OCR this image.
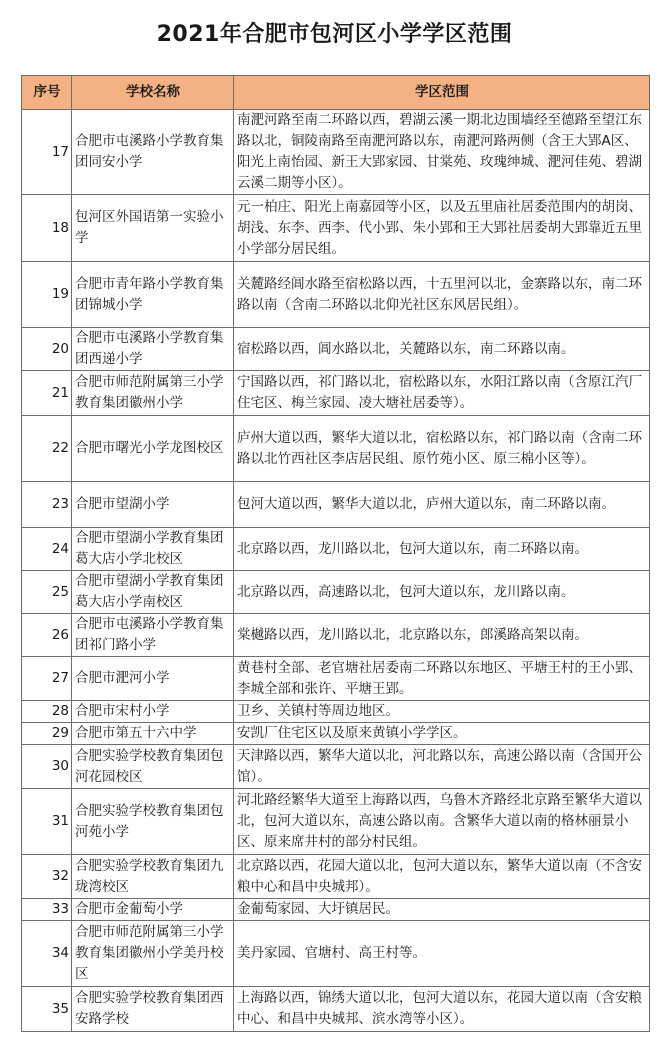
2021年合肥市包河区小学学区范围
序号	学校名称	学区范围
17	合肥市屯溪路小学教育集团同安小学	南淝河路至南二环路以西，碧湖云溪一期北边围墙经至德路至望江东路以北，铜陵南路至南淝河路以东，南淝河路两侧（含王大郢A区、阳光上南怡园、新王大郢家园、甘棠苑、玫瑰绅城、淝河佳苑、碧湖云溪二期等小区）。
18	包河区外国语第一实验小学	元一柏庄、阳光上南嘉园等小区，以及五里庙社居委范围内的胡岗、胡浅、东李、西李、代小郢、朱小郢和王大郢社居委胡大郢靠近五里小学部分居民组。
19	合肥市青年路小学教育集团锦城小学	关麓路经阊水路至宿松路以西，十五里河以北，金寨路以东，南二环路以南（含南二环路以北仰光社区东风居民组）。
20	合肥市屯溪路小学教育集团西递小学	宿松路以西，阊水路以北，关麓路以东，南二环路以南。
21	合肥市师范附属第三小学教育集团徽州小学	宁国路以西，祁门路以北，宿松路以东，水阳江路以南（含原江汽厂住宅区、梅兰家园、凌大塘社居委等）。
22	合肥市曙光小学龙图校区	庐州大道以西，繁华大道以北，宿松路以东，祁门路以南（含南二环路以北竹西社区李店居民组、原竹苑小区、原三棉小区等）。
23	合肥市望湖小学	包河大道以西，繁华大道以北，庐州大道以东，南二环路以南。
24	合肥市望湖小学教育集团葛大店小学北校区	北京路以西，龙川路以北，包河大道以东，南二环路以南。
25	合肥市望湖小学教育集团葛大店小学南校区	北京路以西，高速路以北，包河大道以东，龙川路以南。
26	合肥市屯溪路小学教育集团祁门路小学	棠樾路以西，龙川路以北，北京路以东，郎溪路高架以南。
27	合肥市淝河小学	黄巷村全部、老官塘社居委南二环路以东地区、平塘王村的王小郢、李城全部和张许、平塘王郢。
28	合肥市宋村小学	卫乡、关镇村等周边地区。
29	合肥市第五十六中学	安凯厂住宅区以及原来黄镇小学学区。
30	合肥实验学校教育集团包河花园校区	天津路以西，繁华大道以北，河北路以东，高速公路以南（含国开公馆）。
31	合肥实验学校教育集团包河苑小学	河北路经繁华大道至上海路以西，乌鲁木齐路经北京路至繁华大道以北，包河大道以东，高速公路以南。含繁华大道以南的格林丽景小区、原来席井村的部分村民组。
32	合肥实验学校教育集团九珑湾校区	北京路以西，花园大道以北，包河大道以东，繁华大道以南（不含安粮中心和昌中央城邦）。
33	合肥市金葡萄小学	金葡萄家园、大圩镇居民。
34	合肥市师范附属第三小学教育集团徽州小学美丹校区	美丹家园、官塘村、高王村等。
35	合肥实验学校教育集团西安路学校	上海路以西，锦绣大道以北，包河大道以东，花园大道以南（含安粮中心、和昌中央城邦、滨水湾等小区）。
